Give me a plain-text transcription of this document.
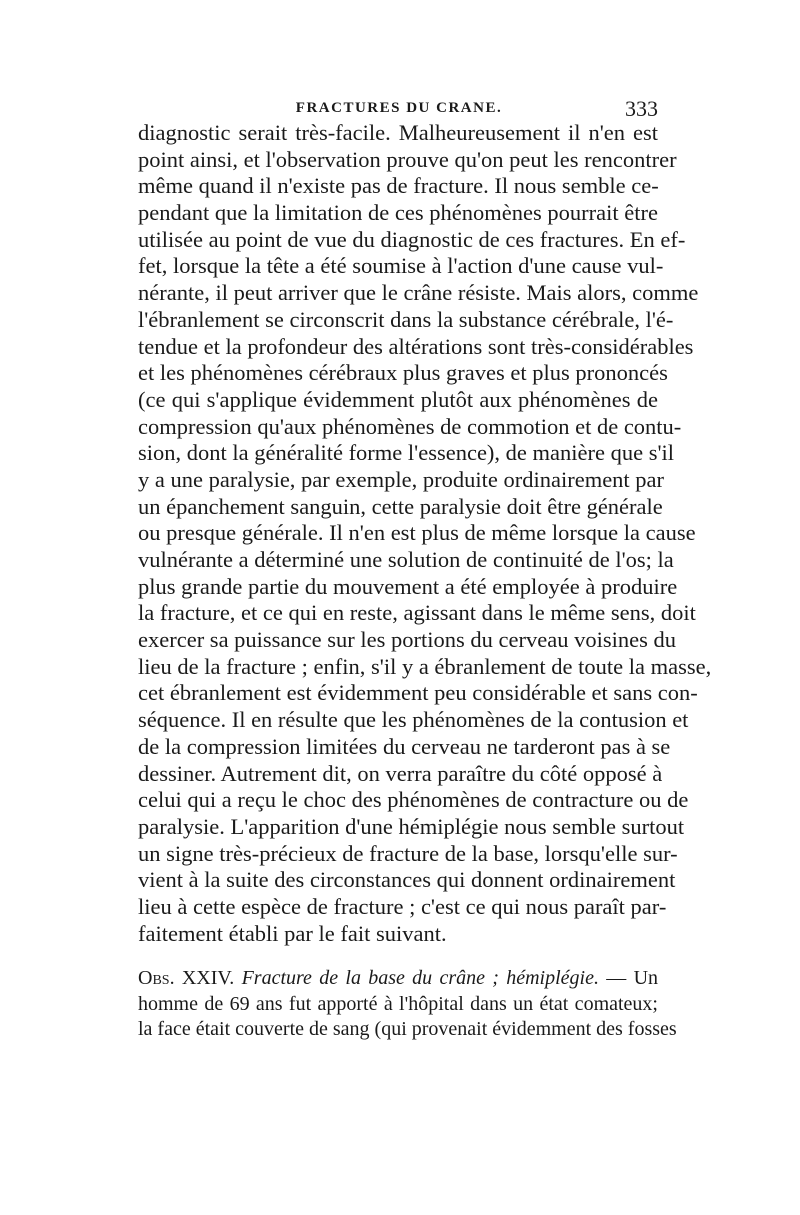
FRACTURES DU CRANE.	333
diagnostic serait très-facile. Malheureusement il n'en est
point ainsi, et l'observation prouve qu'on peut les rencontrer
même quand il n'existe pas de fracture. Il nous semble ce-
pendant que la limitation de ces phénomènes pourrait être
utilisée au point de vue du diagnostic de ces fractures. En ef-
fet, lorsque la tête a été soumise à l'action d'une cause vul-
nérante, il peut arriver que le crâne résiste. Mais alors, comme
l'ébranlement se circonscrit dans la substance cérébrale, l'é-
tendue et la profondeur des altérations sont très-considérables
et les phénomènes cérébraux plus graves et plus prononcés
(ce qui s'applique évidemment plutôt aux phénomènes de
compression qu'aux phénomènes de commotion et de contu-
sion, dont la généralité forme l'essence), de manière que s'il
y a une paralysie, par exemple, produite ordinairement par
un épanchement sanguin, cette paralysie doit être générale
ou presque générale. Il n'en est plus de même lorsque la cause
vulnérante a déterminé une solution de continuité de l'os; la
plus grande partie du mouvement a été employée à produire
la fracture, et ce qui en reste, agissant dans le même sens, doit
exercer sa puissance sur les portions du cerveau voisines du
lieu de la fracture ; enfin, s'il y a ébranlement de toute la masse,
cet ébranlement est évidemment peu considérable et sans con-
séquence. Il en résulte que les phénomènes de la contusion et
de la compression limitées du cerveau ne tarderont pas à se
dessiner. Autrement dit, on verra paraître du côté opposé à
celui qui a reçu le choc des phénomènes de contracture ou de
paralysie. L'apparition d'une hémiplégie nous semble surtout
un signe très-précieux de fracture de la base, lorsqu'elle sur-
vient à la suite des circonstances qui donnent ordinairement
lieu à cette espèce de fracture ; c'est ce qui nous paraît par-
faitement établi par le fait suivant.
Obs. XXIV. Fracture de la base du crâne ; hémiplégie. — Un
homme de 69 ans fut apporté à l'hôpital dans un état comateux;
la face était couverte de sang (qui provenait évidemment des fosses
